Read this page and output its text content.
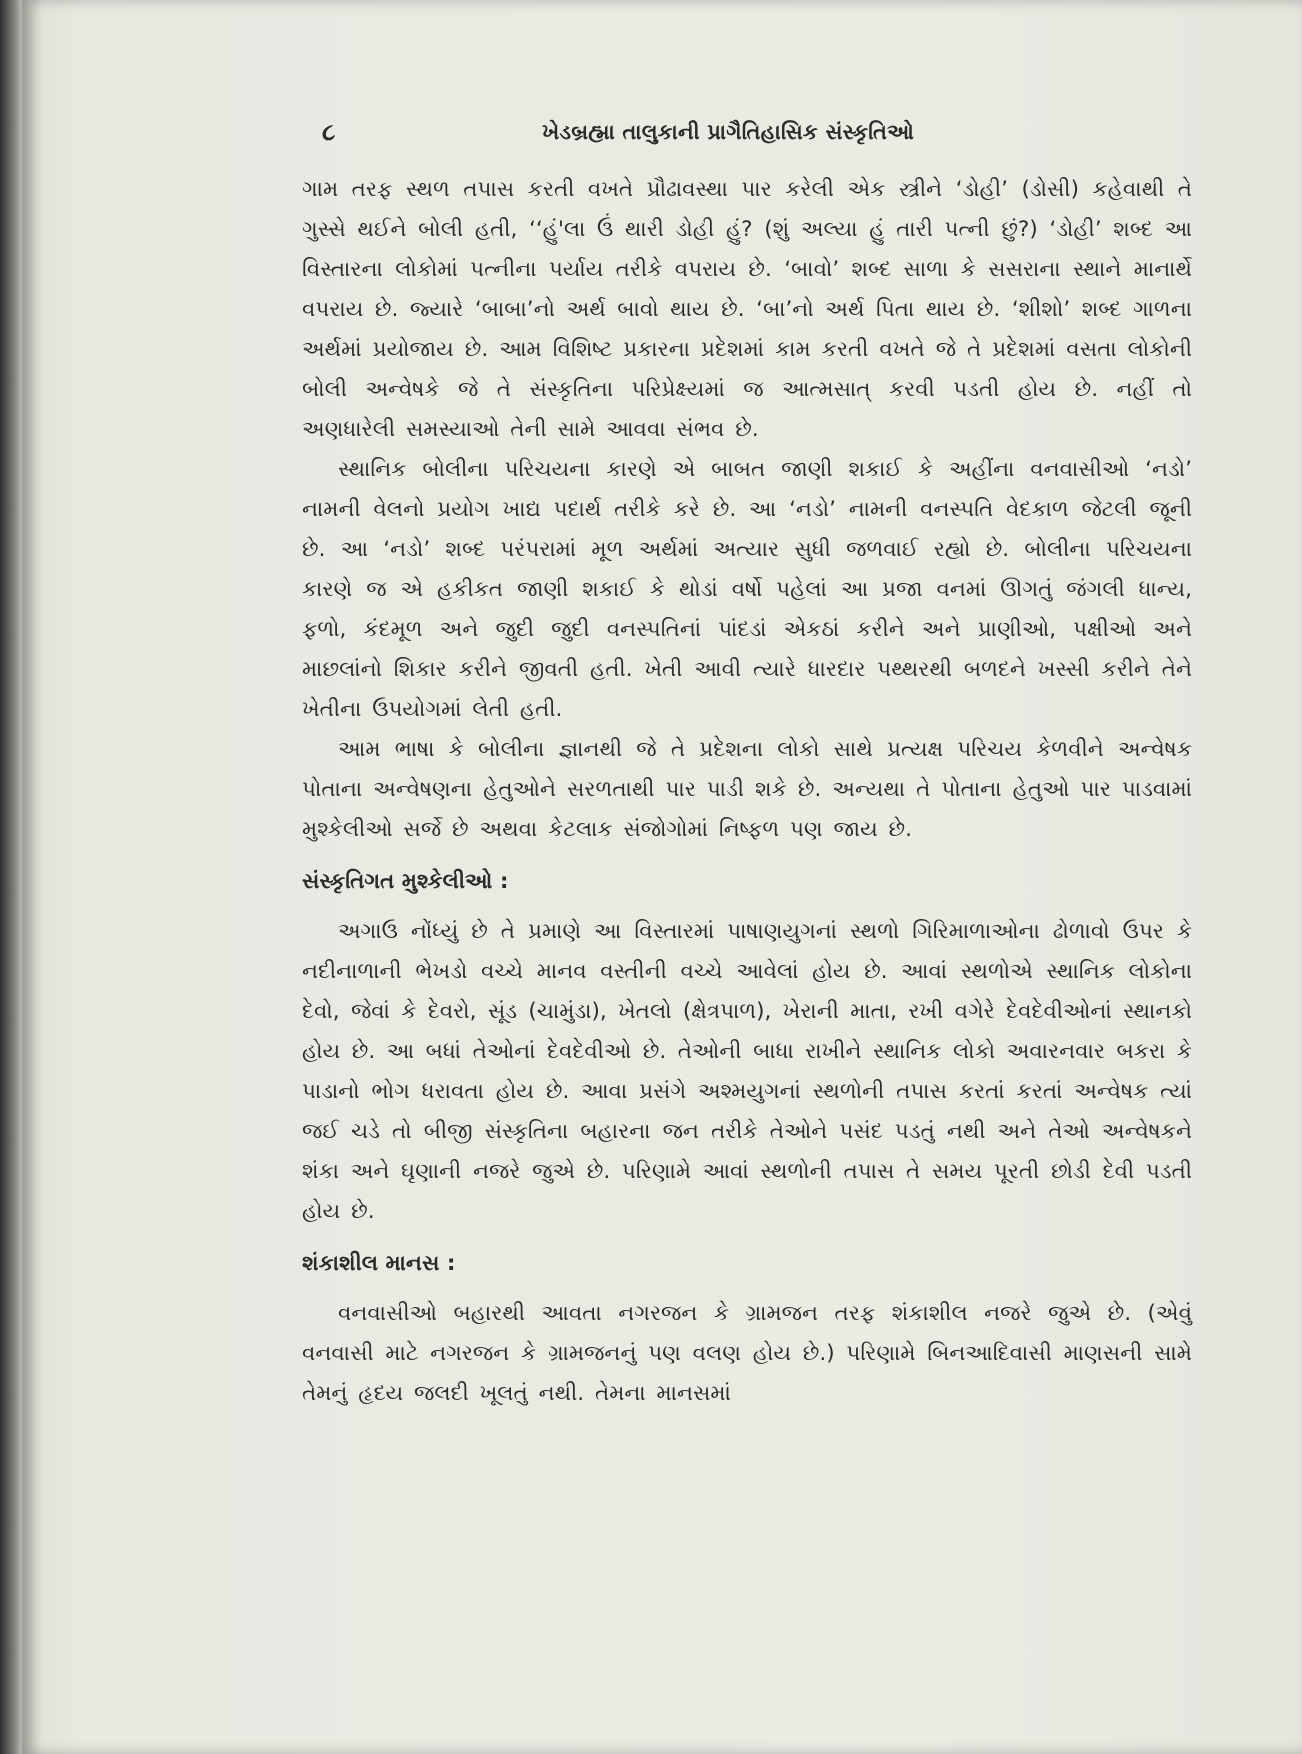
૮	ખેડબ્રહ્મા તાલુકાની પ્રાગૈતિહાસિક સંસ્કૃતિઓ

ગામ તરફ સ્થળ તપાસ કરતી વખતે પ્રૌઢાવસ્થા પાર કરેલી એક સ્ત્રીને ‘ડોહી’ (ડોસી) કહેવાથી તે ગુસ્સે થઈને બોલી હતી, ‘‘હું'લા ઉં થારી ડોહી હું? (શું અલ્યા હું તારી પત્ની છું?) ‘ડોહી’ શબ્દ આ વિસ્તારના લોકોમાં પત્નીના પર્યાય તરીકે વપરાય છે. ‘બાવો’ શબ્દ સાળા કે સસરાના સ્થાને માનાર્થે વપરાય છે. જ્યારે ‘બાબા’નો અર્થ બાવો થાય છે. ‘બા’નો અર્થ પિતા થાય છે. ‘શીશો’ શબ્દ ગાળના અર્થમાં પ્રયોજાય છે. આમ વિશિષ્ટ પ્રકારના પ્રદેશમાં કામ કરતી વખતે જે તે પ્રદેશમાં વસતા લોકોની બોલી અન્વેષકે જે તે સંસ્કૃતિના પરિપ્રેક્ષ્યમાં જ આત્મસાત્ કરવી પડતી હોય છે. નહીં તો અણધારેલી સમસ્યાઓ તેની સામે આવવા સંભવ છે.

સ્થાનિક બોલીના પરિચયના કારણે એ બાબત જાણી શકાઈ કે અહીંના વનવાસીઓ ‘નડો’ નામની વેલનો પ્રયોગ ખાદ્ય પદાર્થ તરીકે કરે છે. આ ‘નડો’ નામની વનસ્પતિ વેદકાળ જેટલી જૂની છે. આ ‘નડો’ શબ્દ પરંપરામાં મૂળ અર્થમાં અત્યાર સુધી જળવાઈ રહ્યો છે. બોલીના પરિચયના કારણે જ એ હકીકત જાણી શકાઈ કે થોડાં વર્ષો પહેલાં આ પ્રજા વનમાં ઊગતું જંગલી ધાન્ય, ફળો, કંદમૂળ અને જુદી જુદી વનસ્પતિનાં પાંદડાં એકઠાં કરીને અને પ્રાણીઓ, પક્ષીઓ અને માછલાંનો શિકાર કરીને જીવતી હતી. ખેતી આવી ત્યારે ધારદાર પથ્થરથી બળદને ખસ્સી કરીને તેને ખેતીના ઉપયોગમાં લેતી હતી.

આમ ભાષા કે બોલીના જ્ઞાનથી જે તે પ્રદેશના લોકો સાથે પ્રત્યક્ષ પરિચય કેળવીને અન્વેષક પોતાના અન્વેષણના હેતુઓને સરળતાથી પાર પાડી શકે છે. અન્યથા તે પોતાના હેતુઓ પાર પાડવામાં મુશ્કેલીઓ સર્જે છે અથવા કેટલાક સંજોગોમાં નિષ્ફળ પણ જાય છે.

સંસ્કૃતિગત મુશ્કેલીઓ :

અગાઉ નોંધ્યું છે તે પ્રમાણે આ વિસ્તારમાં પાષાણયુગનાં સ્થળો ગિરિમાળાઓના ઢોળાવો ઉપર કે નદીનાળાની ભેખડો વચ્ચે માનવ વસ્તીની વચ્ચે આવેલાં હોય છે. આવાં સ્થળોએ સ્થાનિક લોકોના દેવો, જેવાં કે દેવરો, સૂંડ (ચામુંડા), ખેતલો (ક્ષેત્રપાળ), ખેરાની માતા, રખી વગેરે દેવદેવીઓનાં સ્થાનકો હોય છે. આ બધાં તેઓનાં દેવદેવીઓ છે. તેઓની બાધા રાખીને સ્થાનિક લોકો અવારનવાર બકરા કે પાડાનો ભોગ ધરાવતા હોય છે. આવા પ્રસંગે અશ્મયુગનાં સ્થળોની તપાસ કરતાં કરતાં અન્વેષક ત્યાં જઈ ચડે તો બીજી સંસ્કૃતિના બહારના જન તરીકે તેઓને પસંદ પડતું નથી અને તેઓ અન્વેષકને શંકા અને ઘૃણાની નજરે જુએ છે. પરિણામે આવાં સ્થળોની તપાસ તે સમય પૂરતી છોડી દેવી પડતી હોય છે.

શંકાશીલ માનસ :

વનવાસીઓ બહારથી આવતા નગરજન કે ગ્રામજન તરફ શંકાશીલ નજરે જુએ છે. (એવું વનવાસી માટે નગરજન કે ગ્રામજનનું પણ વલણ હોય છે.) પરિણામે બિનઆદિવાસી માણસની સામે તેમનું હૃદય જલદી ખૂલતું નથી. તેમના માનસમાં
